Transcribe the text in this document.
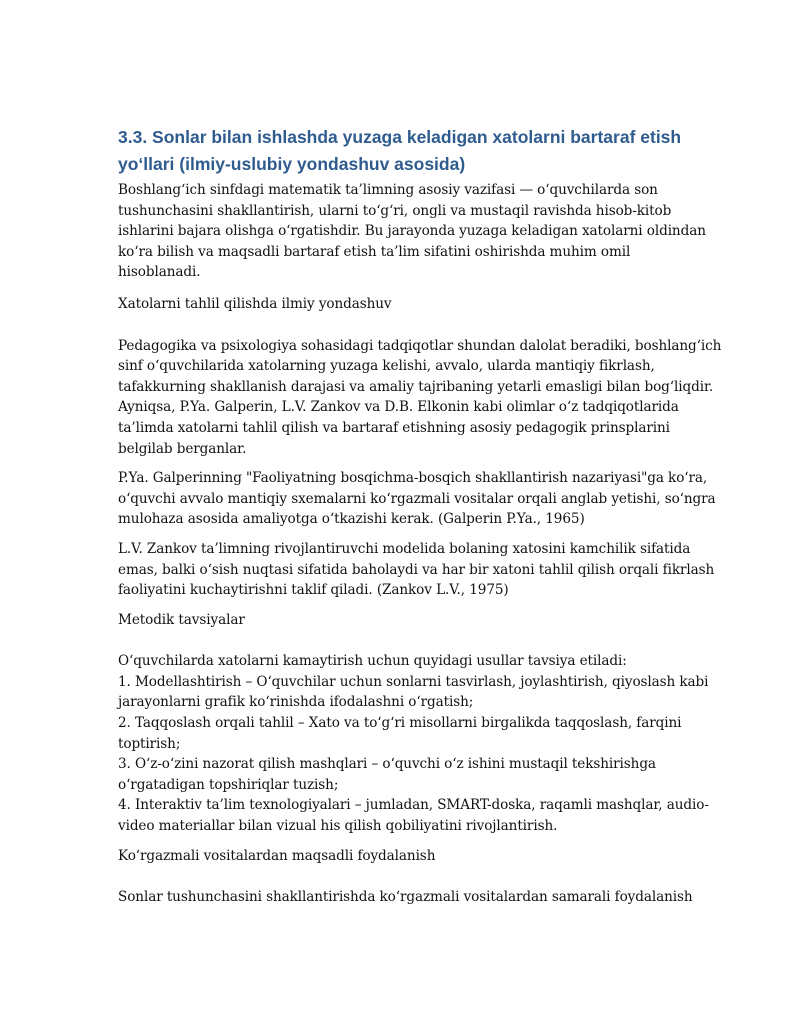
3.3. Sonlar bilan ishlashda yuzaga keladigan xatolarni bartaraf etish
yo‘llari (ilmiy-uslubiy yondashuv asosida)

Boshlang‘ich sinfdagi matematik ta’limning asosiy vazifasi — o‘quvchilarda son
tushunchasini shakllantirish, ularni to‘g‘ri, ongli va mustaqil ravishda hisob-kitob
ishlarini bajara olishga o‘rgatishdir. Bu jarayonda yuzaga keladigan xatolarni oldindan
ko‘ra bilish va maqsadli bartaraf etish ta’lim sifatini oshirishda muhim omil
hisoblanadi.

Xatolarni tahlil qilishda ilmiy yondashuv

Pedagogika va psixologiya sohasidagi tadqiqotlar shundan dalolat beradiki, boshlang‘ich
sinf o‘quvchilarida xatolarning yuzaga kelishi, avvalo, ularda mantiqiy fikrlash,
tafakkurning shakllanish darajasi va amaliy tajribaning yetarli emasligi bilan bog‘liqdir.
Ayniqsa, P.Ya. Galperin, L.V. Zankov va D.B. Elkonin kabi olimlar o‘z tadqiqotlarida
ta’limda xatolarni tahlil qilish va bartaraf etishning asosiy pedagogik prinsplarini
belgilab berganlar.

P.Ya. Galperinning "Faoliyatning bosqichma-bosqich shakllantirish nazariyasi"ga ko‘ra,
o‘quvchi avvalo mantiqiy sxemalarni ko‘rgazmali vositalar orqali anglab yetishi, so‘ngra
mulohaza asosida amaliyotga o‘tkazishi kerak. (Galperin P.Ya., 1965)

L.V. Zankov ta’limning rivojlantiruvchi modelida bolaning xatosini kamchilik sifatida
emas, balki o‘sish nuqtasi sifatida baholaydi va har bir xatoni tahlil qilish orqali fikrlash
faoliyatini kuchaytirishni taklif qiladi. (Zankov L.V., 1975)

Metodik tavsiyalar

O‘quvchilarda xatolarni kamaytirish uchun quyidagi usullar tavsiya etiladi:
1. Modellashtirish – O‘quvchilar uchun sonlarni tasvirlash, joylashtirish, qiyoslash kabi
jarayonlarni grafik ko‘rinishda ifodalashni o‘rgatish;
2. Taqqoslash orqali tahlil – Xato va to‘g‘ri misollarni birgalikda taqqoslash, farqini
toptirish;
3. O‘z-o‘zini nazorat qilish mashqlari – o‘quvchi o‘z ishini mustaqil tekshirishga
o‘rgatadigan topshiriqlar tuzish;
4. Interaktiv ta’lim texnologiyalari – jumladan, SMART-doska, raqamli mashqlar, audio-
video materiallar bilan vizual his qilish qobiliyatini rivojlantirish.

Ko‘rgazmali vositalardan maqsadli foydalanish

Sonlar tushunchasini shakllantirishda ko‘rgazmali vositalardan samarali foydalanish
